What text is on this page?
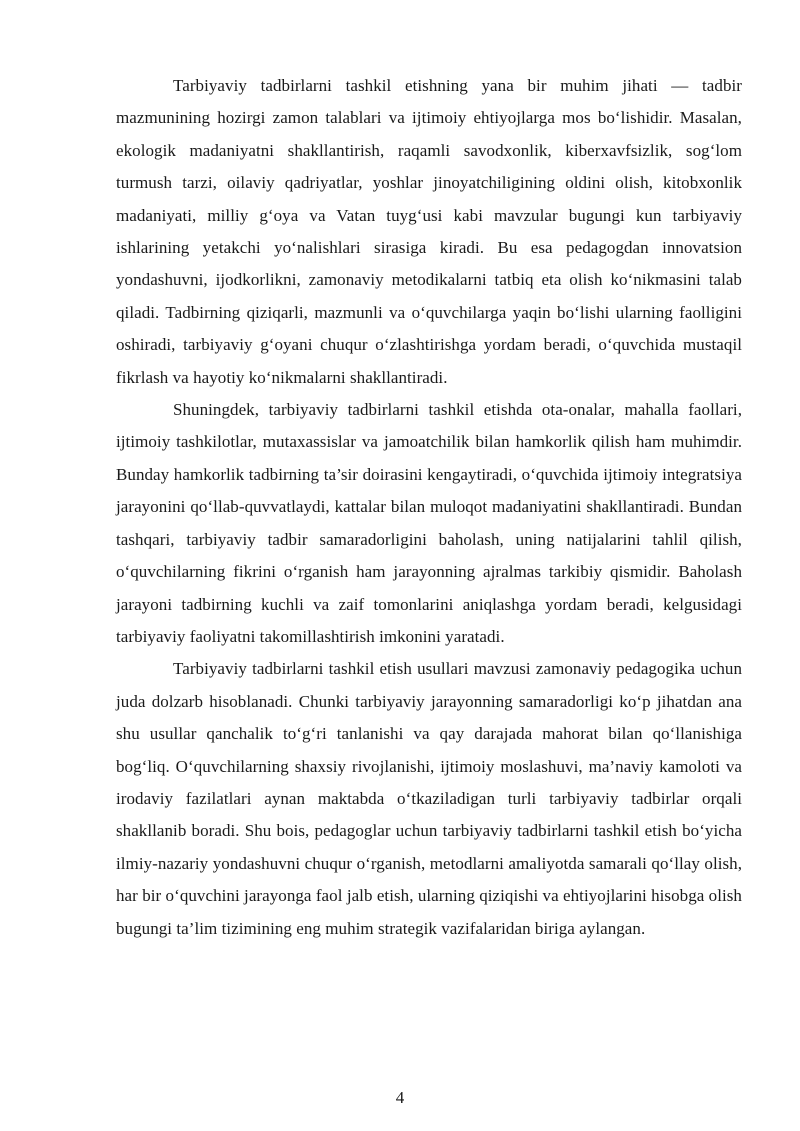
Tarbiyaviy tadbirlarni tashkil etishning yana bir muhim jihati — tadbir mazmunining hozirgi zamon talablari va ijtimoiy ehtiyojlarga mos bo‘lishidir. Masalan, ekologik madaniyatni shakllantirish, raqamli savodxonlik, kiberxavfsizlik, sog‘lom turmush tarzi, oilaviy qadriyatlar, yoshlar jinoyatchiligining oldini olish, kitobxonlik madaniyati, milliy g‘oya va Vatan tuyg‘usi kabi mavzular bugungi kun tarbiyaviy ishlarining yetakchi yo‘nalishlari sirasiga kiradi. Bu esa pedagogdan innovatsion yondashuvni, ijodkorlikni, zamonaviy metodikalarni tatbiq eta olish ko‘nikmasini talab qiladi. Tadbirning qiziqarli, mazmunli va o‘quvchilarga yaqin bo‘lishi ularning faolligini oshiradi, tarbiyaviy g‘oyani chuqur o‘zlashtirishga yordam beradi, o‘quvchida mustaqil fikrlash va hayotiy ko‘nikmalarni shakllantiradi.

Shuningdek, tarbiyaviy tadbirlarni tashkil etishda ota-onalar, mahalla faollari, ijtimoiy tashkilotlar, mutaxassislar va jamoatchilik bilan hamkorlik qilish ham muhimdir. Bunday hamkorlik tadbirning ta’sir doirasini kengaytiradi, o‘quvchida ijtimoiy integratsiya jarayonini qo‘llab-quvvatlaydi, kattalar bilan muloqot madaniyatini shakllantiradi. Bundan tashqari, tarbiyaviy tadbir samaradorligini baholash, uning natijalarini tahlil qilish, o‘quvchilarning fikrini o‘rganish ham jarayonning ajralmas tarkibiy qismidir. Baholash jarayoni tadbirning kuchli va zaif tomonlarini aniqlashga yordam beradi, kelgusidagi tarbiyaviy faoliyatni takomillashtirish imkonini yaratadi.

Tarbiyaviy tadbirlarni tashkil etish usullari mavzusi zamonaviy pedagogika uchun juda dolzarb hisoblanadi. Chunki tarbiyaviy jarayonning samaradorligi ko‘p jihatdan ana shu usullar qanchalik to‘g‘ri tanlanishi va qay darajada mahorat bilan qo‘llanishiga bog‘liq. O‘quvchilarning shaxsiy rivojlanishi, ijtimoiy moslashuvi, ma’naviy kamoloti va irodaviy fazilatlari aynan maktabda o‘tkaziladigan turli tarbiyaviy tadbirlar orqali shakllanib boradi. Shu bois, pedagoglar uchun tarbiyaviy tadbirlarni tashkil etish bo‘yicha ilmiy-nazariy yondashuvni chuqur o‘rganish, metodlarni amaliyotda samarali qo‘llay olish, har bir o‘quvchini jarayonga faol jalb etish, ularning qiziqishi va ehtiyojlarini hisobga olish bugungi ta’lim tizimining eng muhim strategik vazifalaridan biriga aylangan.

4
